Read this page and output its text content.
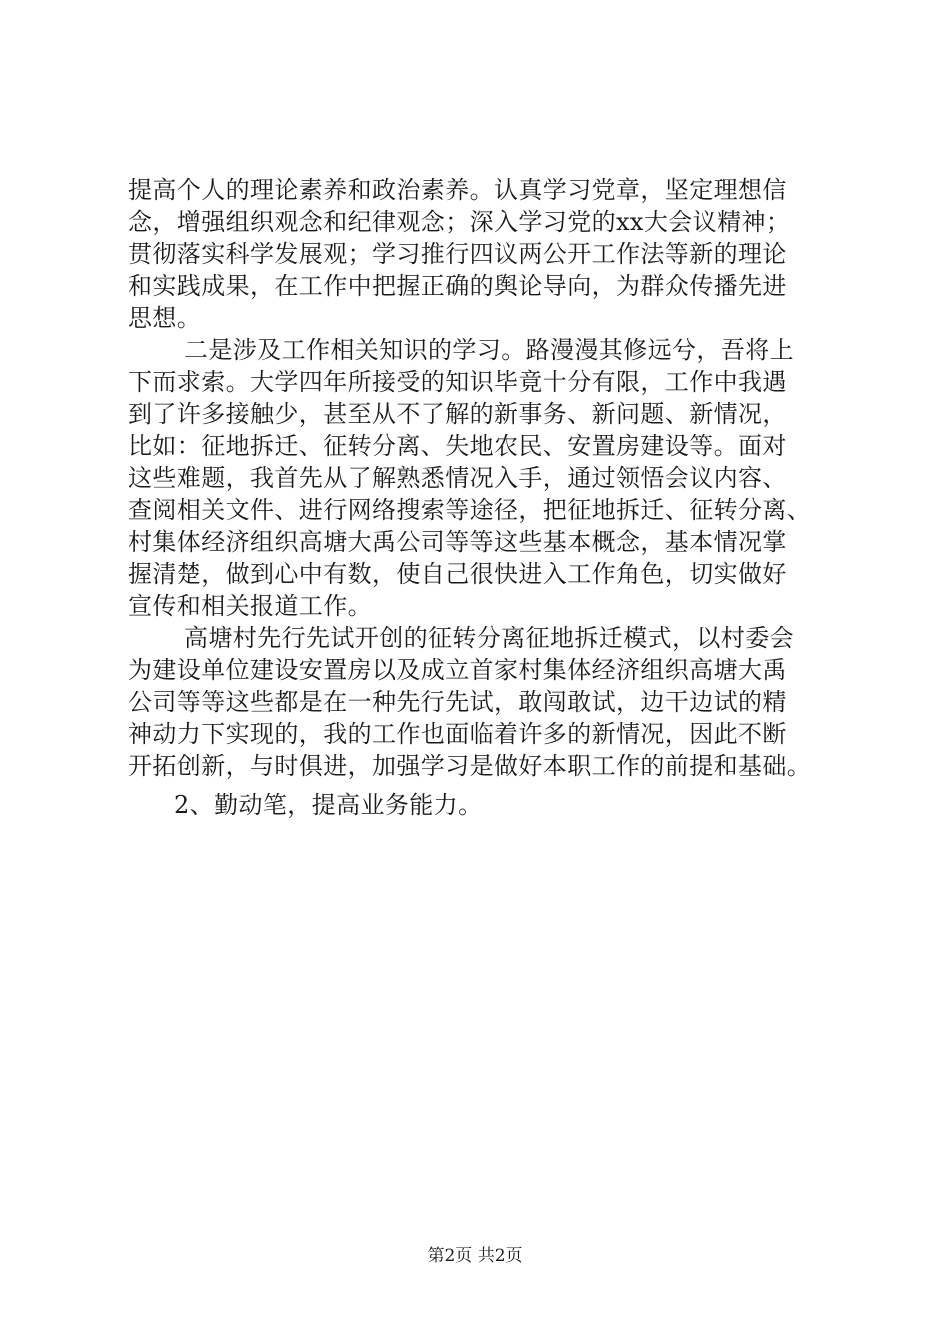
提高个人的理论素养和政治素养。认真学习党章，坚定理想信
念，增强组织观念和纪律观念；深入学习党的xx大会议精神；
贯彻落实科学发展观；学习推行四议两公开工作法等新的理论
和实践成果，在工作中把握正确的舆论导向，为群众传播先进
思想。
二是涉及工作相关知识的学习。路漫漫其修远兮，吾将上
下而求索。大学四年所接受的知识毕竟十分有限，工作中我遇
到了许多接触少，甚至从不了解的新事务、新问题、新情况，
比如：征地拆迁、征转分离、失地农民、安置房建设等。面对
这些难题，我首先从了解熟悉情况入手，通过领悟会议内容、
查阅相关文件、进行网络搜索等途径，把征地拆迁、征转分离、
村集体经济组织高塘大禹公司等等这些基本概念，基本情况掌
握清楚，做到心中有数，使自己很快进入工作角色，切实做好
宣传和相关报道工作。
高塘村先行先试开创的征转分离征地拆迁模式，以村委会
为建设单位建设安置房以及成立首家村集体经济组织高塘大禹
公司等等这些都是在一种先行先试，敢闯敢试，边干边试的精
神动力下实现的，我的工作也面临着许多的新情况，因此不断
开拓创新，与时俱进，加强学习是做好本职工作的前提和基础。
2、勤动笔，提高业务能力。
第2页 共2页
